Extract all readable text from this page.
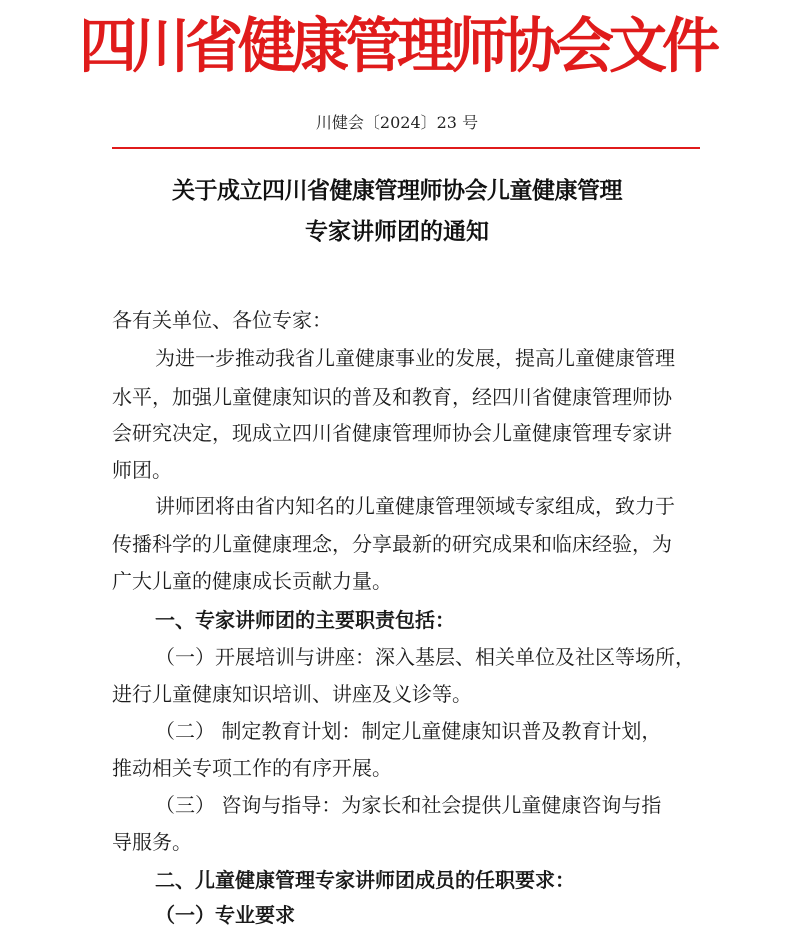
四川省健康管理师协会文件
川健会〔2024〕23 号
关于成立四川省健康管理师协会儿童健康管理
专家讲师团的通知
各有关单位、各位专家：
为进一步推动我省儿童健康事业的发展，提高儿童健康管理
水平，加强儿童健康知识的普及和教育，经四川省健康管理师协
会研究决定，现成立四川省健康管理师协会儿童健康管理专家讲
师团。
讲师团将由省内知名的儿童健康管理领域专家组成，致力于
传播科学的儿童健康理念，分享最新的研究成果和临床经验，为
广大儿童的健康成长贡献力量。
一、专家讲师团的主要职责包括：
（一）开展培训与讲座：深入基层、相关单位及社区等场所，
进行儿童健康知识培训、讲座及义诊等。
（二） 制定教育计划：制定儿童健康知识普及教育计划，
推动相关专项工作的有序开展。
（三） 咨询与指导：为家长和社会提供儿童健康咨询与指
导服务。
二、儿童健康管理专家讲师团成员的任职要求：
（一）专业要求
